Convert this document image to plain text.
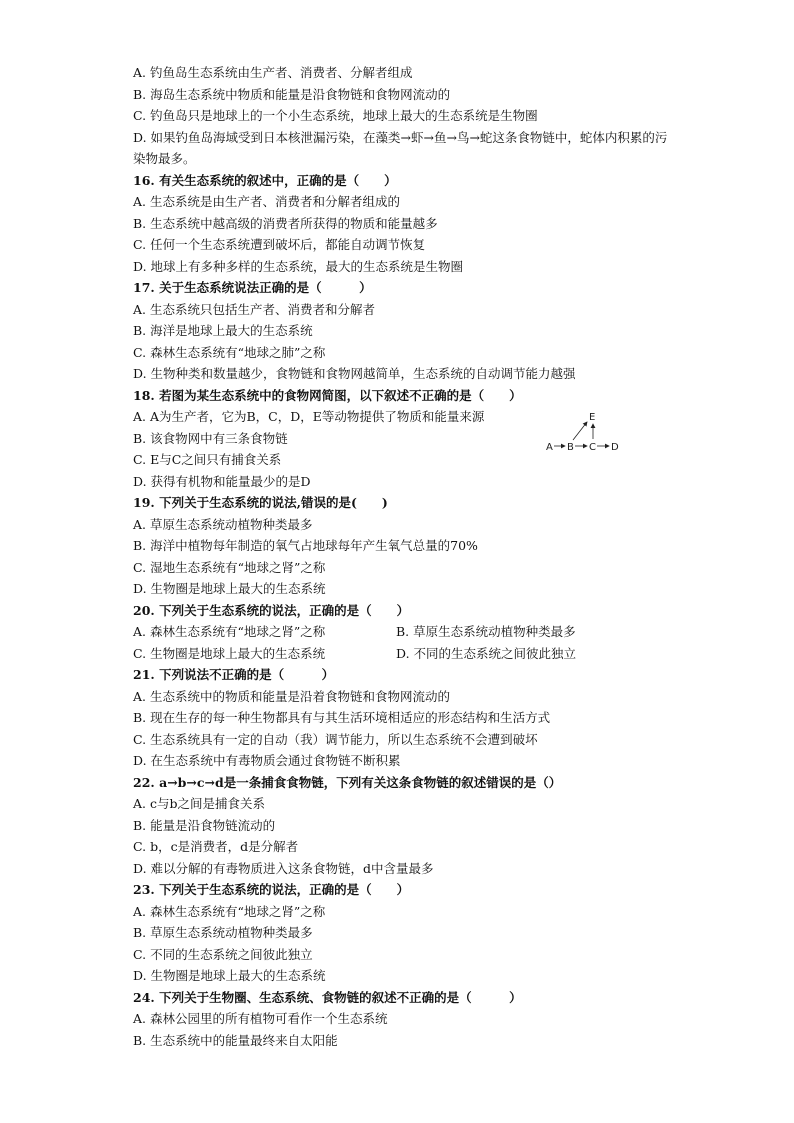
A. 钓鱼岛生态系统由生产者、消费者、分解者组成
B. 海岛生态系统中物质和能量是沿食物链和食物网流动的
C. 钓鱼岛只是地球上的一个小生态系统，地球上最大的生态系统是生物圈
D. 如果钓鱼岛海域受到日本核泄漏污染，在藻类→虾→鱼→鸟→蛇这条食物链中，蛇体内积累的污染物最多。
16. 有关生态系统的叙述中，正确的是（　　）
A. 生态系统是由生产者、消费者和分解者组成的
B. 生态系统中越高级的消费者所获得的物质和能量越多
C. 任何一个生态系统遭到破坏后，都能自动调节恢复
D. 地球上有多种多样的生态系统，最大的生态系统是生物圈
17. 关于生态系统说法正确的是（　　　）
A. 生态系统只包括生产者、消费者和分解者
B. 海洋是地球上最大的生态系统
C. 森林生态系统有“地球之肺”之称
D. 生物种类和数量越少，食物链和食物网越简单，生态系统的自动调节能力越强
18. 若图为某生态系统中的食物网简图，以下叙述不正确的是（　　）
A. A为生产者，它为B，C，D，E等动物提供了物质和能量来源
B. 该食物网中有三条食物链
C. E与C之间只有捕食关系
D. 获得有机物和能量最少的是D
19. 下列关于生态系统的说法,错误的是(　　)
A. 草原生态系统动植物种类最多
B. 海洋中植物每年制造的氧气占地球每年产生氧气总量的70%
C. 湿地生态系统有“地球之肾”之称
D. 生物圈是地球上最大的生态系统
20. 下列关于生态系统的说法，正确的是（　　）
A. 森林生态系统有“地球之肾”之称	B. 草原生态系统动植物种类最多
C. 生物圈是地球上最大的生态系统	D. 不同的生态系统之间彼此独立
21. 下列说法不正确的是（　　　）
A. 生态系统中的物质和能量是沿着食物链和食物网流动的
B. 现在生存的每一种生物都具有与其生活环境相适应的形态结构和生活方式
C. 生态系统具有一定的自动（我）调节能力，所以生态系统不会遭到破坏
D. 在生态系统中有毒物质会通过食物链不断积累
22. a→b→c→d是一条捕食食物链，下列有关这条食物链的叙述错误的是（）
A. c与b之间是捕食关系
B. 能量是沿食物链流动的
C. b，c是消费者，d是分解者
D. 难以分解的有毒物质进入这条食物链，d中含量最多
23. 下列关于生态系统的说法，正确的是（　　）
A. 森林生态系统有“地球之肾”之称
B. 草原生态系统动植物种类最多
C. 不同的生态系统之间彼此独立
D. 生物圈是地球上最大的生态系统
24. 下列关于生物圈、生态系统、食物链的叙述不正确的是（　　　）
A. 森林公园里的所有植物可看作一个生态系统
B. 生态系统中的能量最终来自太阳能
E
A B C D
